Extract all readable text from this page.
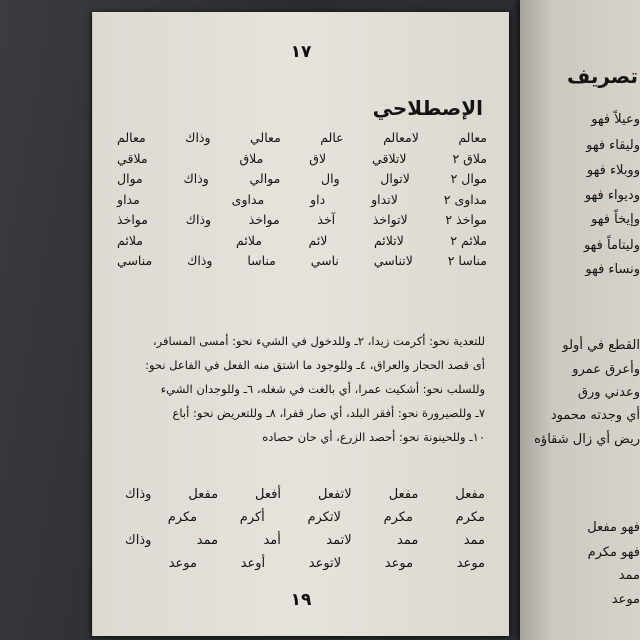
١٧
الإصطلاحي
معالم
لامعالم
عالم
معالي
وذاك
معالم
ملاق ٢
لاتلاقي
لاق
ملاق
ملاقي
موال ٢
لاتوال
وال
موالي
وذاك
موال
مداوى ٢
لاتداو
داو
مداوى
مداو
مواخذ ٢
لاتواخذ
آخذ
مواخذ
وذاك
مواخذ
ملائم ٢
لاتلائم
لائم
ملائم
ملائم
مناسا ٢
لاتناسي
ناسي
مناسا
وذاك
مناسي
للتعدية نحو: أكرمت زيدا، ٢ـ وللدخول في الشيء نحو: أمسى المسافر،
أى قصد الحجاز والعراق، ٤ـ وللوجود ما اشتق منه الفعل في الفاعل نحو:
وللسلب نحو: أشكيت عمرا، أي بالغت في شغله، ٦ـ وللوجدان الشيء
٧ـ وللصيرورة نحو: أفقر البلد، أي صار قفرا، ٨ـ وللتعريض نحو: أباع
١٠ـ وللحينونة نحو: أحصد الزرع، أي حان حصاده
مفعل
مفعل
لاتفعل
أفعل
مفعل
وذاك
مكرم
مكرم
لاتكرم
أكرم
مكرم
ممد
ممد
لاتمد
أمد
ممد
وذاك
موعد
موعد
لاتوعد
أوعد
موعد
١٩
تصريف
وعيلاً فهو
وليقاء فهو
ووبلاء فهو
وديواء فهو
وإيخاً فهو
وليتاماً فهو
ونساء فهو
القطع في أولو
وأعرق عمرو
وعدني ورق
أي وجدته محمود
ريض أي زال شقاؤه
فهو مفعل
فهو مكرم
ممد
موعد
